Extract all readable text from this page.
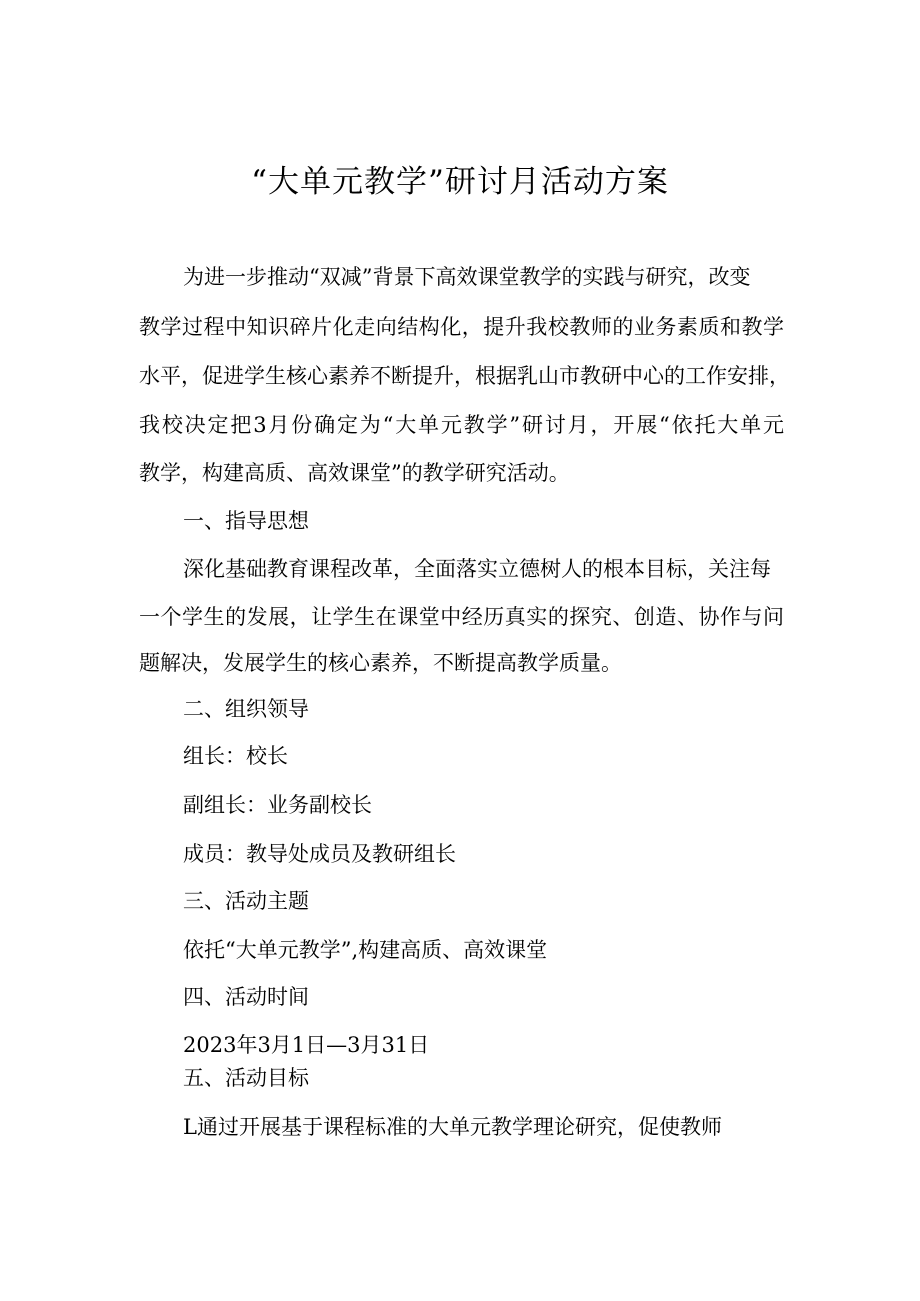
“大单元教学”研讨月活动方案
为进一步推动“双减”背景下高效课堂教学的实践与研究，改变
教学过程中知识碎片化走向结构化，提升我校教师的业务素质和教学
水平，促进学生核心素养不断提升，根据乳山市教研中心的工作安排，
我校决定把3月份确定为“大单元教学”研讨月，开展“依托大单元
教学，构建高质、高效课堂”的教学研究活动。
一、指导思想
深化基础教育课程改革，全面落实立德树人的根本目标，关注每
一个学生的发展，让学生在课堂中经历真实的探究、创造、协作与问
题解决，发展学生的核心素养，不断提高教学质量。
二、组织领导
组长：校长
副组长：业务副校长
成员：教导处成员及教研组长
三、活动主题
依托“大单元教学”,构建高质、高效课堂
四、活动时间
2023年3月1日—3月31日
五、活动目标
L通过开展基于课程标准的大单元教学理论研究，促使教师
